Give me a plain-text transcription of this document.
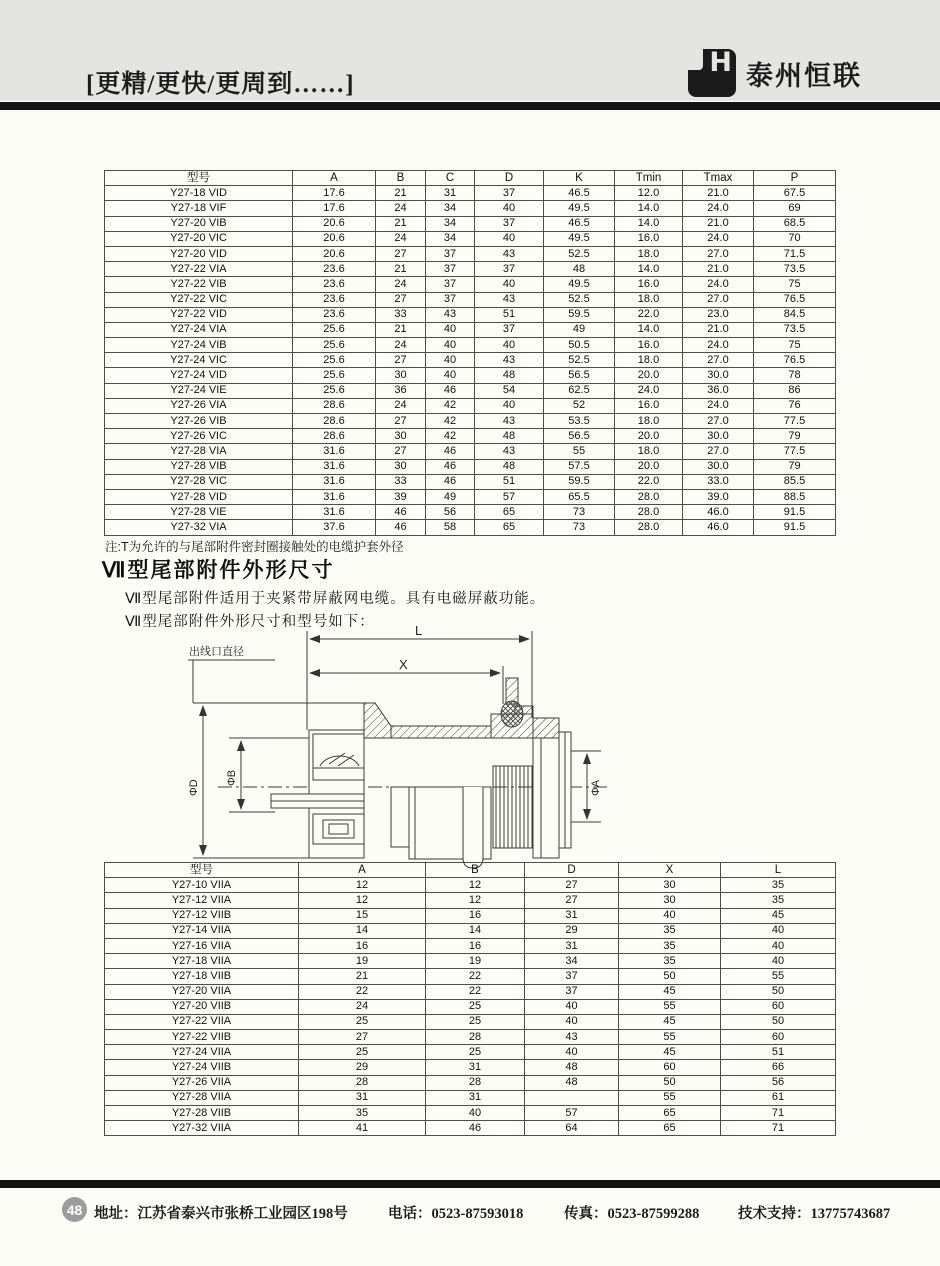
[更精/更快/更周到……]
H 泰州恒联
型号	A	B	C	D	K	Tmin	Tmax	P
Y27-18 VID	17.6	21	31	37	46.5	12.0	21.0	67.5
Y27-18 VIF	17.6	24	34	40	49.5	14.0	24.0	69
Y27-20 VIB	20.6	21	34	37	46.5	14.0	21.0	68.5
Y27-20 VIC	20.6	24	34	40	49.5	16.0	24.0	70
Y27-20 VID	20.6	27	37	43	52.5	18.0	27.0	71.5
Y27-22 VIA	23.6	21	37	37	48	14.0	21.0	73.5
Y27-22 VIB	23.6	24	37	40	49.5	16.0	24.0	75
Y27-22 VIC	23.6	27	37	43	52.5	18.0	27.0	76.5
Y27-22 VID	23.6	33	43	51	59.5	22.0	23.0	84.5
Y27-24 VIA	25.6	21	40	37	49	14.0	21.0	73.5
Y27-24 VIB	25.6	24	40	40	50.5	16.0	24.0	75
Y27-24 VIC	25.6	27	40	43	52.5	18.0	27.0	76.5
Y27-24 VID	25.6	30	40	48	56.5	20.0	30.0	78
Y27-24 VIE	25.6	36	46	54	62.5	24.0	36.0	86
Y27-26 VIA	28.6	24	42	40	52	16.0	24.0	76
Y27-26 VIB	28.6	27	42	43	53.5	18.0	27.0	77.5
Y27-26 VIC	28.6	30	42	48	56.5	20.0	30.0	79
Y27-28 VIA	31.6	27	46	43	55	18.0	27.0	77.5
Y27-28 VIB	31.6	30	46	48	57.5	20.0	30.0	79
Y27-28 VIC	31.6	33	46	51	59.5	22.0	33.0	85.5
Y27-28 VID	31.6	39	49	57	65.5	28.0	39.0	88.5
Y27-28 VIE	31.6	46	56	65	73	28.0	46.0	91.5
Y27-32 VIA	37.6	46	58	65	73	28.0	46.0	91.5
注:T为允许的与尾部附件密封圈接触处的电缆护套外径
Ⅶ型尾部附件外形尺寸
Ⅶ型尾部附件适用于夹紧带屏蔽网电缆。具有电磁屏蔽功能。
Ⅶ型尾部附件外形尺寸和型号如下：
L
X
出线口直径
ΦD
ΦB
ΦA
型号	A	B	D	X	L
Y27-10 VIIA	12	12	27	30	35
Y27-12 VIIA	12	12	27	30	35
Y27-12 VIIB	15	16	31	40	45
Y27-14 VIIA	14	14	29	35	40
Y27-16 VIIA	16	16	31	35	40
Y27-18 VIIA	19	19	34	35	40
Y27-18 VIIB	21	22	37	50	55
Y27-20 VIIA	22	22	37	45	50
Y27-20 VIIB	24	25	40	55	60
Y27-22 VIIA	25	25	40	45	50
Y27-22 VIIB	27	28	43	55	60
Y27-24 VIIA	25	25	40	45	51
Y27-24 VIIB	29	31	48	60	66
Y27-26 VIIA	28	28	48	50	56
Y27-28 VIIA	31	31		55	61
Y27-28 VIIB	35	40	57	65	71
Y27-32 VIIA	41	46	64	65	71
48 地址：江苏省泰兴市张桥工业园区198号	电话：0523-87593018	传真：0523-87599288	技术支持：13775743687
